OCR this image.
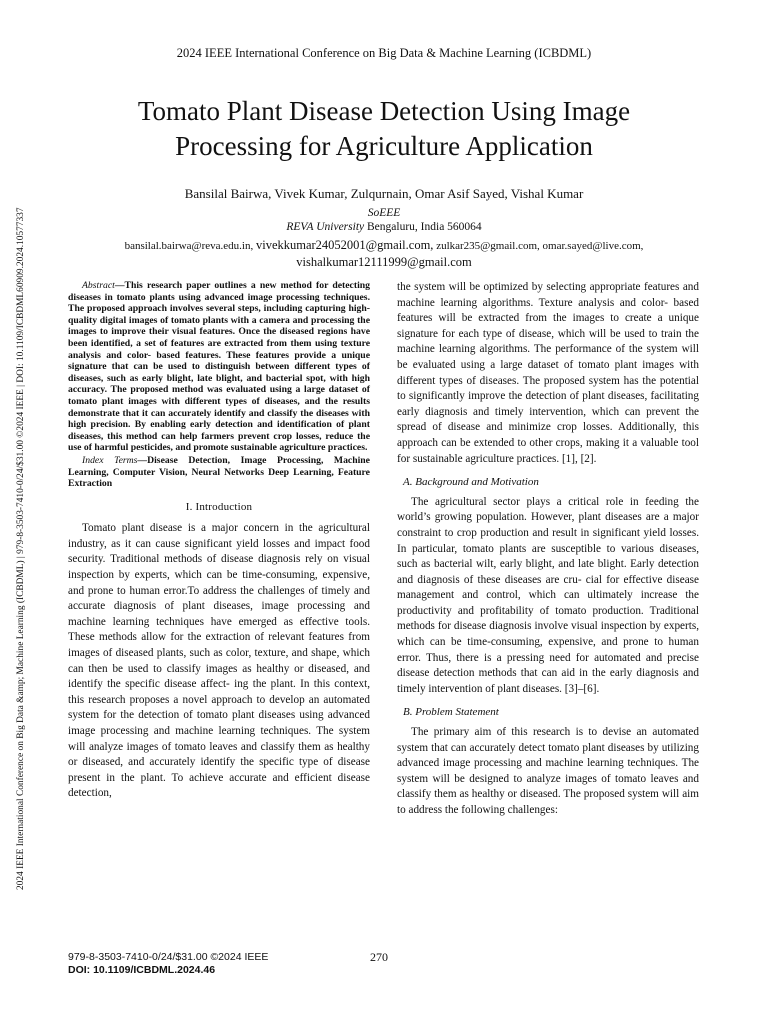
2024 IEEE International Conference on Big Data &amp; Machine Learning (ICBDML) | 979-8-3503-7410-0/24/$31.00 ©2024 IEEE | DOI: 10.1109/ICBDML60909.2024.10577337
2024 IEEE International Conference on Big Data & Machine Learning (ICBDML)
Tomato Plant Disease Detection Using Image
Processing for Agriculture Application
Bansilal Bairwa, Vivek Kumar, Zulqurnain, Omar Asif Sayed, Vishal Kumar
SoEEE
REVA University Bengaluru, India 560064
bansilal.bairwa@reva.edu.in, vivekkumar24052001@gmail.com, zulkar235@gmail.com, omar.sayed@live.com,
vishalkumar12111999@gmail.com

Abstract—This research paper outlines a new method for detecting diseases in tomato plants using advanced image processing techniques. The proposed approach involves several steps, including capturing high-quality digital images of tomato plants with a camera and processing the images to improve their visual features. Once the diseased regions have been identified, a set of features are extracted from them using texture analysis and color- based features. These features provide a unique signature that can be used to distinguish between different types of diseases, such as early blight, late blight, and bacterial spot, with high accuracy. The proposed method was evaluated using a large dataset of tomato plant images with different types of diseases, and the results demonstrate that it can accurately identify and classify the diseases with high precision. By enabling early detection and identification of plant diseases, this method can help farmers prevent crop losses, reduce the use of harmful pesticides, and promote sustainable agriculture practices.

Index Terms—Disease Detection, Image Processing, Machine Learning, Computer Vision, Neural Networks Deep Learning, Feature Extraction

I. Introduction

Tomato plant disease is a major concern in the agricultural industry, as it can cause significant yield losses and impact food security. Traditional methods of disease diagnosis rely on visual inspection by experts, which can be time-consuming, expensive, and prone to human error.To address the challenges of timely and accurate diagnosis of plant diseases, image processing and machine learning techniques have emerged as effective tools. These methods allow for the extraction of relevant features from images of diseased plants, such as color, texture, and shape, which can then be used to classify images as healthy or diseased, and identify the specific disease affect- ing the plant. In this context, this research proposes a novel approach to develop an automated system for the detection of tomato plant diseases using advanced image processing and machine learning techniques. The system will analyze images of tomato leaves and classify them as healthy or diseased, and accurately identify the specific type of disease present in the plant. To achieve accurate and efficient disease detection,

the system will be optimized by selecting appropriate features and machine learning algorithms. Texture analysis and color- based features will be extracted from the images to create a unique signature for each type of disease, which will be used to train the machine learning algorithms. The performance of the system will be evaluated using a large dataset of tomato plant images with different types of diseases. The proposed system has the potential to significantly improve the detection of plant diseases, facilitating early diagnosis and timely intervention, which can prevent the spread of disease and minimize crop losses. Additionally, this approach can be extended to other crops, making it a valuable tool for sustainable agriculture practices. [1], [2].

A. Background and Motivation

The agricultural sector plays a critical role in feeding the world’s growing population. However, plant diseases are a major constraint to crop production and result in significant yield losses. In particular, tomato plants are susceptible to various diseases, such as bacterial wilt, early blight, and late blight. Early detection and diagnosis of these diseases are cru- cial for effective disease management and control, which can ultimately increase the productivity and profitability of tomato production. Traditional methods for disease diagnosis involve visual inspection by experts, which can be time-consuming, expensive, and prone to human error. Thus, there is a pressing need for automated and precise disease detection methods that can aid in the early diagnosis and timely intervention of plant diseases. [3]–[6].

B. Problem Statement

The primary aim of this research is to devise an automated system that can accurately detect tomato plant diseases by utilizing advanced image processing and machine learning techniques. The system will be designed to analyze images of tomato leaves and classify them as healthy or diseased. The proposed system will aim to address the following challenges:

979-8-3503-7410-0/24/$31.00 ©2024 IEEE
DOI: 10.1109/ICBDML.2024.46
270
